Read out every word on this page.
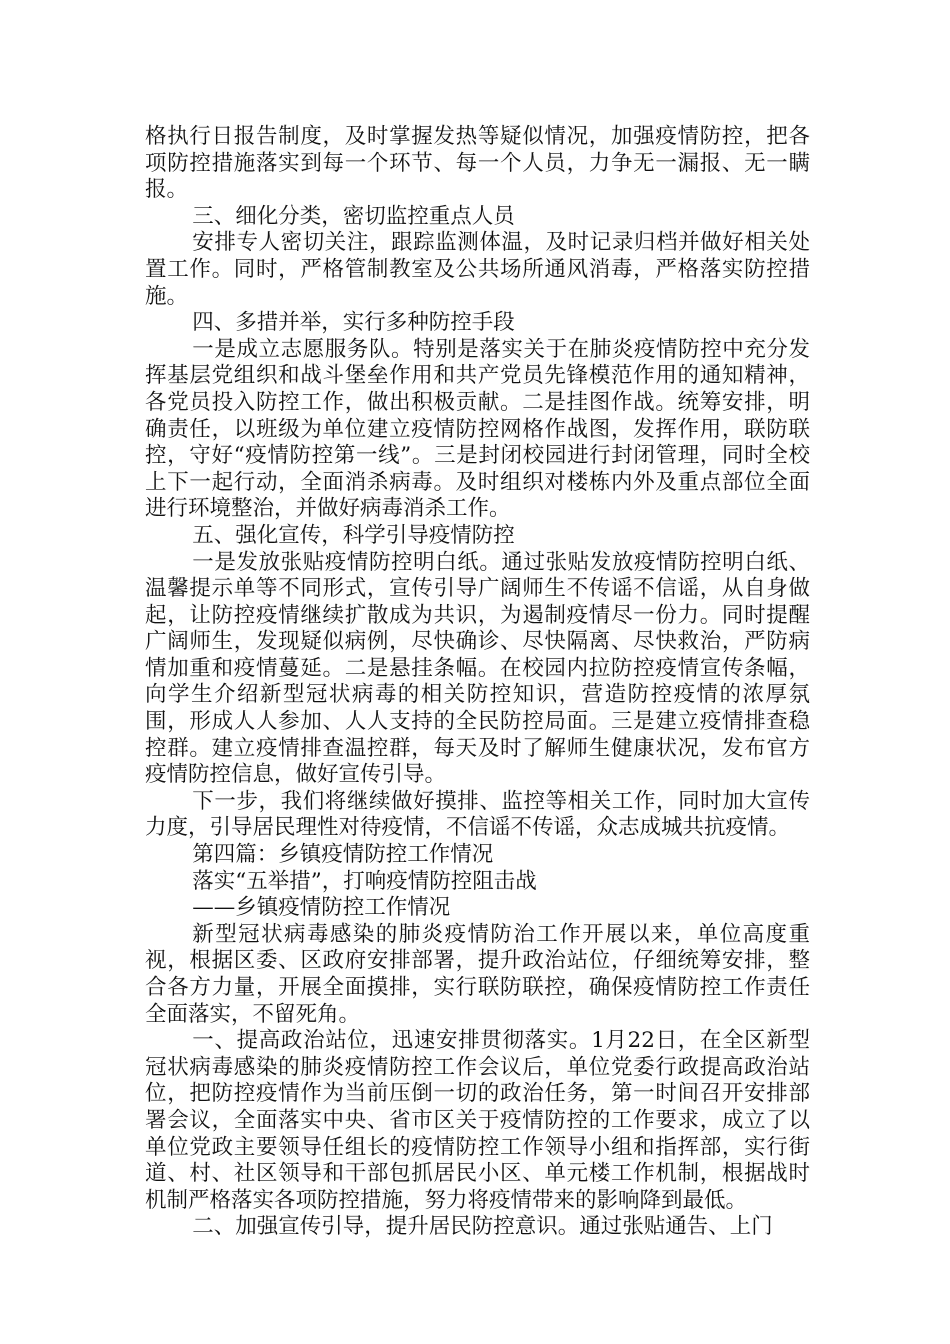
格执行日报告制度，及时掌握发热等疑似情况，加强疫情防控，把各项防控措施落实到每一个环节、每一个人员，力争无一漏报、无一瞒报。

三、细化分类，密切监控重点人员

安排专人密切关注，跟踪监测体温，及时记录归档并做好相关处置工作。同时，严格管制教室及公共场所通风消毒，严格落实防控措施。

四、多措并举，实行多种防控手段

一是成立志愿服务队。特别是落实关于在肺炎疫情防控中充分发挥基层党组织和战斗堡垒作用和共产党员先锋模范作用的通知精神，各党员投入防控工作，做出积极贡献。二是挂图作战。统筹安排，明确责任，以班级为单位建立疫情防控网格作战图，发挥作用，联防联控，守好“疫情防控第一线”。三是封闭校园进行封闭管理，同时全校上下一起行动，全面消杀病毒。及时组织对楼栋内外及重点部位全面进行环境整治，并做好病毒消杀工作。

五、强化宣传，科学引导疫情防控

一是发放张贴疫情防控明白纸。通过张贴发放疫情防控明白纸、温馨提示单等不同形式，宣传引导广阔师生不传谣不信谣，从自身做起，让防控疫情继续扩散成为共识，为遏制疫情尽一份力。同时提醒广阔师生，发现疑似病例，尽快确诊、尽快隔离、尽快救治，严防病情加重和疫情蔓延。二是悬挂条幅。在校园内拉防控疫情宣传条幅，向学生介绍新型冠状病毒的相关防控知识，营造防控疫情的浓厚氛围，形成人人参加、人人支持的全民防控局面。三是建立疫情排查稳控群。建立疫情排查温控群，每天及时了解师生健康状况，发布官方疫情防控信息，做好宣传引导。

下一步，我们将继续做好摸排、监控等相关工作，同时加大宣传力度，引导居民理性对待疫情，不信谣不传谣，众志成城共抗疫情。

第四篇：乡镇疫情防控工作情况

落实“五举措”，打响疫情防控阻击战

——乡镇疫情防控工作情况

新型冠状病毒感染的肺炎疫情防治工作开展以来，单位高度重视，根据区委、区政府安排部署，提升政治站位，仔细统筹安排，整合各方力量，开展全面摸排，实行联防联控，确保疫情防控工作责任全面落实，不留死角。

一、提高政治站位，迅速安排贯彻落实。1月22日，在全区新型冠状病毒感染的肺炎疫情防控工作会议后，单位党委行政提高政治站位，把防控疫情作为当前压倒一切的政治任务，第一时间召开安排部署会议，全面落实中央、省市区关于疫情防控的工作要求，成立了以单位党政主要领导任组长的疫情防控工作领导小组和指挥部，实行街道、村、社区领导和干部包抓居民小区、单元楼工作机制，根据战时机制严格落实各项防控措施，努力将疫情带来的影响降到最低。

二、加强宣传引导，提升居民防控意识。通过张贴通告、上门
